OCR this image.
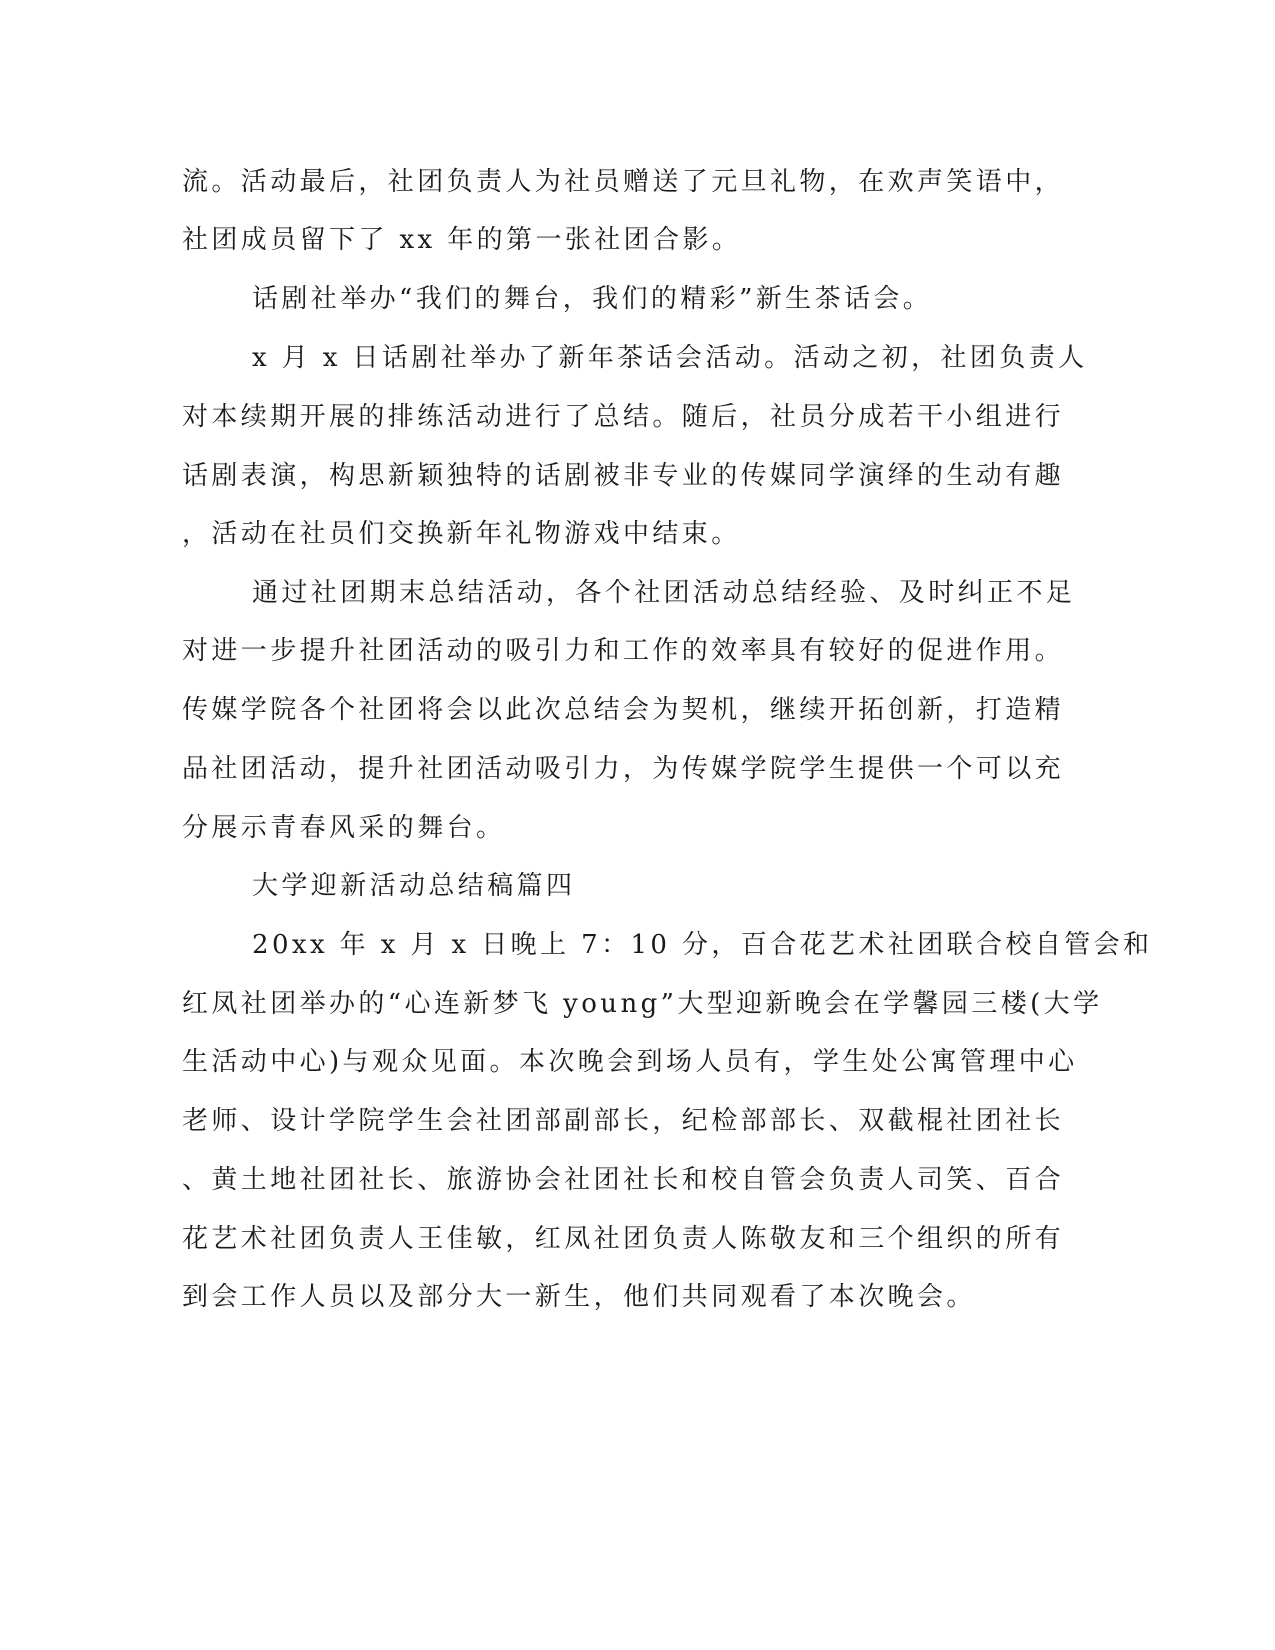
流。活动最后，社团负责人为社员赠送了元旦礼物，在欢声笑语中，
社团成员留下了 xx 年的第一张社团合影。
话剧社举办“我们的舞台，我们的精彩”新生茶话会。
x 月 x 日话剧社举办了新年茶话会活动。活动之初，社团负责人
对本续期开展的排练活动进行了总结。随后，社员分成若干小组进行
话剧表演，构思新颖独特的话剧被非专业的传媒同学演绎的生动有趣
，活动在社员们交换新年礼物游戏中结束。
通过社团期末总结活动，各个社团活动总结经验、及时纠正不足
对进一步提升社团活动的吸引力和工作的效率具有较好的促进作用。
传媒学院各个社团将会以此次总结会为契机，继续开拓创新，打造精
品社团活动，提升社团活动吸引力，为传媒学院学生提供一个可以充
分展示青春风采的舞台。
大学迎新活动总结稿篇四
20xx 年 x 月 x 日晚上 7：10 分，百合花艺术社团联合校自管会和
红凤社团举办的“心连新梦飞 young”大型迎新晚会在学馨园三楼(大学
生活动中心)与观众见面。本次晚会到场人员有，学生处公寓管理中心
老师、设计学院学生会社团部副部长，纪检部部长、双截棍社团社长
、黄土地社团社长、旅游协会社团社长和校自管会负责人司笑、百合
花艺术社团负责人王佳敏，红凤社团负责人陈敬友和三个组织的所有
到会工作人员以及部分大一新生，他们共同观看了本次晚会。
